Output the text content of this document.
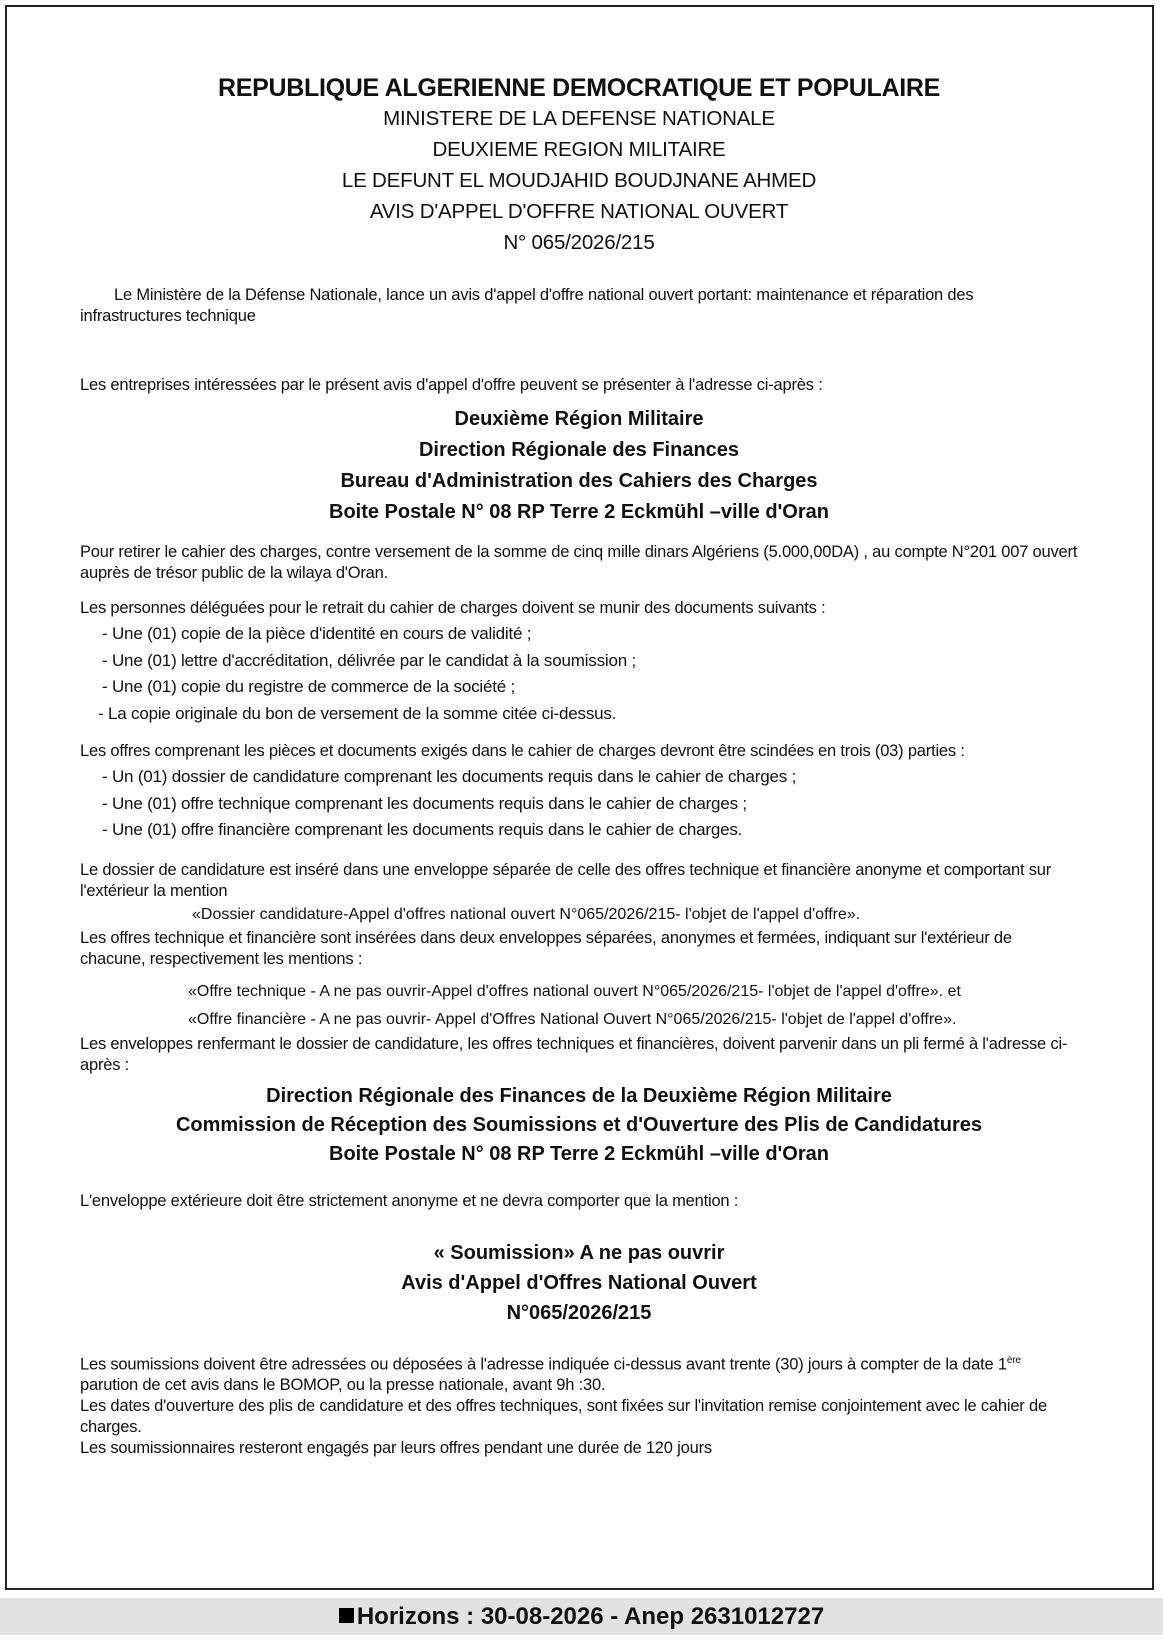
REPUBLIQUE ALGERIENNE DEMOCRATIQUE ET POPULAIRE
MINISTERE DE LA DEFENSE NATIONALE
DEUXIEME REGION MILITAIRE
LE DEFUNT EL MOUDJAHID BOUDJNANE AHMED
AVIS D'APPEL D'OFFRE NATIONAL OUVERT
N° 065/2026/215

Le Ministère de la Défense Nationale, lance un avis d'appel d'offre national ouvert portant: maintenance et réparation des infrastructures technique

Les entreprises intéressées par le présent avis d'appel d'offre peuvent se présenter à l'adresse ci-après :

Deuxième Région Militaire
Direction Régionale des Finances
Bureau d'Administration des Cahiers des Charges
Boite Postale N° 08 RP Terre 2 Eckmühl –ville d'Oran

Pour retirer le cahier des charges, contre versement de la somme de cinq mille dinars Algériens (5.000,00DA) , au compte N°201 007 ouvert auprès de trésor public de la wilaya d'Oran.

Les personnes déléguées pour le retrait du cahier de charges doivent se munir des documents suivants :

- Une (01) copie de la pièce d'identité en cours de validité ;
- Une (01) lettre d'accréditation, délivrée par le candidat à la soumission ;
- Une (01) copie du registre de commerce de la société ;
- La copie originale du bon de versement de la somme citée ci-dessus.

Les offres comprenant les pièces et documents exigés dans le cahier de charges devront être scindées en trois (03) parties :

- Un (01) dossier de candidature comprenant les documents requis dans le cahier de charges ;
- Une (01) offre technique comprenant les documents requis dans le cahier de charges ;
- Une (01) offre financière comprenant les documents requis dans le cahier de charges.

Le dossier de candidature est inséré dans une enveloppe séparée de celle des offres technique et financière anonyme et comportant sur l'extérieur la mention

«Dossier candidature-Appel d'offres national ouvert N°065/2026/215- l'objet de l'appel d'offre».

Les offres technique et financière sont insérées dans deux enveloppes séparées, anonymes et fermées, indiquant sur l'extérieur de chacune, respectivement les mentions :

«Offre technique - A ne pas ouvrir-Appel d'offres national ouvert N°065/2026/215- l'objet de l'appel d'offre». et
«Offre financière - A ne pas ouvrir- Appel d'Offres National Ouvert N°065/2026/215- l'objet de l'appel d'offre».

Les enveloppes renfermant le dossier de candidature, les offres techniques et financières, doivent parvenir dans un pli fermé à l'adresse ci-après :

Direction Régionale des Finances de la Deuxième Région Militaire
Commission de Réception des Soumissions et d'Ouverture des Plis de Candidatures
Boite Postale N° 08 RP Terre 2 Eckmühl –ville d'Oran

L'enveloppe extérieure doit être strictement anonyme et ne devra comporter que la mention :

« Soumission» A ne pas ouvrir
Avis d'Appel d'Offres National Ouvert
N°065/2026/215

Les soumissions doivent être adressées ou déposées à l'adresse indiquée ci-dessus avant trente (30) jours à compter de la date 1ère parution de cet avis dans le BOMOP, ou la presse nationale, avant 9h :30.

Les dates d'ouverture des plis de candidature et des offres techniques, sont fixées sur l'invitation remise conjointement avec le cahier de charges.

Les soumissionnaires resteront engagés par leurs offres pendant une durée de 120 jours

Horizons : 30-08-2026 - Anep 2631012727
